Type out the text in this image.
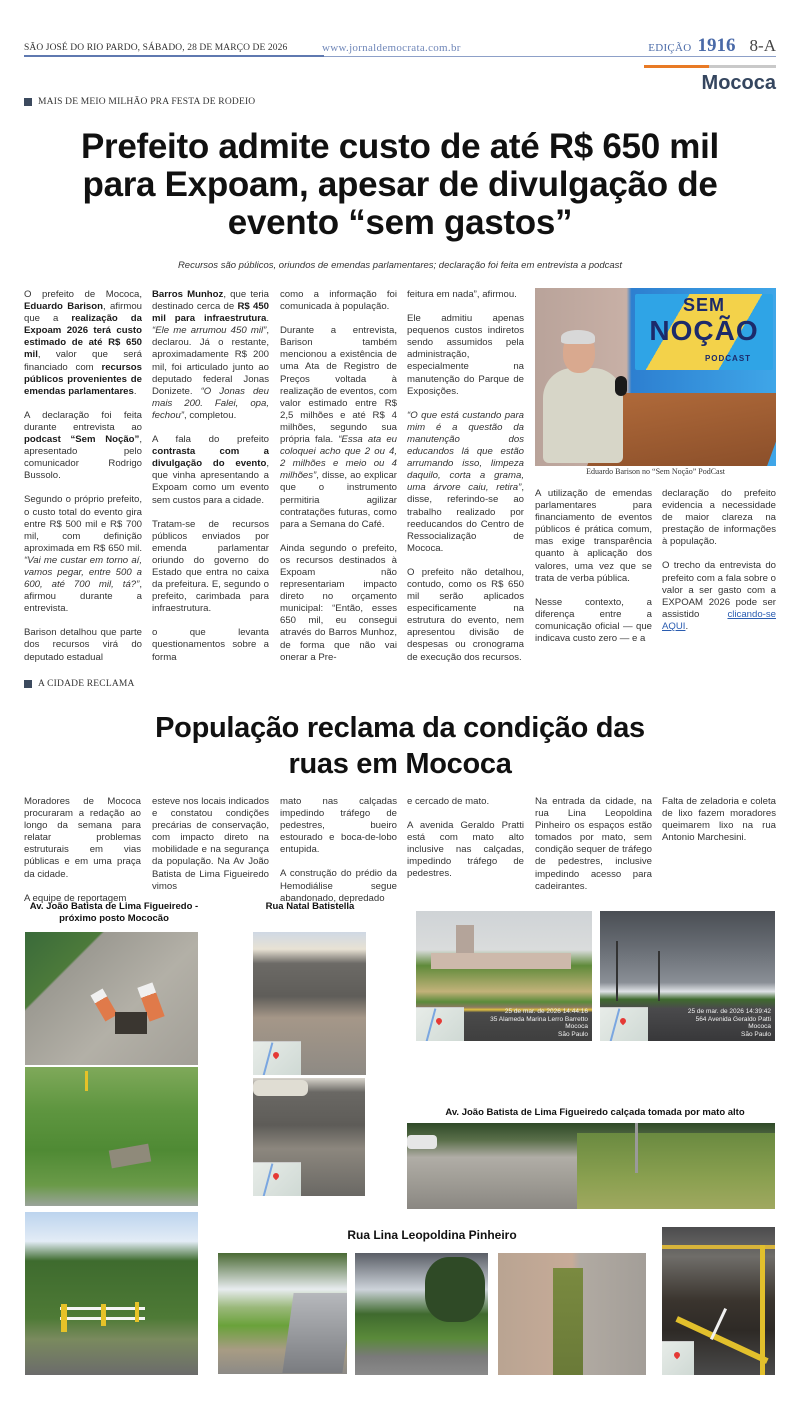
SÃO JOSÉ DO RIO PARDO, SÁBADO, 28 DE MARÇO DE 2026	www.jornaldemocrata.com.br	EDIÇÃO 1916 8-A
Mococa
MAIS DE MEIO MILHÃO PRA FESTA DE RODEIO
Prefeito admite custo de até R$ 650 mil
para Expoam, apesar de divulgação de
evento “sem gastos”
Recursos são públicos, oriundos de emendas parlamentares; declaração foi feita em entrevista a podcast

O prefeito de Mococa, Eduardo Barison, afirmou que a realização da Expoam 2026 terá custo estimado de até R$ 650 mil, valor que será financiado com recursos públicos provenientes de emendas parlamentares.

A declaração foi feita durante entrevista ao podcast “Sem Noção”, apresentado pelo comunicador Rodrigo Bussolo.

Segundo o próprio prefeito, o custo total do evento gira entre R$ 500 mil e R$ 700 mil, com definição aproximada em R$ 650 mil. “Vai me custar em torno aí, vamos pegar, entre 500 a 600, até 700 mil, tá?”, afirmou durante a entrevista.

Barison detalhou que parte dos recursos virá do deputado estadual

Barros Munhoz, que teria destinado cerca de R$ 450 mil para infraestrutura. “Ele me arrumou 450 mil”, declarou. Já o restante, aproximadamente R$ 200 mil, foi articulado junto ao deputado federal Jonas Donizete. “O Jonas deu mais 200. Falei, opa, fechou”, completou.

A fala do prefeito contrasta com a divulgação do evento, que vinha apresentando a Expoam como um evento sem custos para a cidade.

Tratam-se de recursos públicos enviados por emenda parlamentar oriundo do governo do Estado que entra no caixa da prefeitura. E, segundo o prefeito, carimbada para infraestrutura.

o que levanta questionamentos sobre a forma

como a informação foi comunicada à população.

Durante a entrevista, Barison também mencionou a existência de uma Ata de Registro de Preços voltada à realização de eventos, com valor estimado entre R$ 2,5 milhões e até R$ 4 milhões, segundo sua própria fala. “Essa ata eu coloquei acho que 2 ou 4, 2 milhões e meio ou 4 milhões”, disse, ao explicar que o instrumento permitiria agilizar contratações futuras, como para a Semana do Café.

Ainda segundo o prefeito, os recursos destinados à Expoam não representariam impacto direto no orçamento municipal: “Então, esses 650 mil, eu consegui através do Barros Munhoz, de forma que não vai onerar a Pre-

feitura em nada”, afirmou.

Ele admitiu apenas pequenos custos indiretos sendo assumidos pela administração, especialmente na manutenção do Parque de Exposições.

“O que está custando para mim é a questão da manutenção dos educandos lá que estão arrumando isso, limpeza daquilo, corta a grama, uma árvore caiu, retira”, disse, referindo-se ao trabalho realizado por reeducandos do Centro de Ressocialização de Mococa.

O prefeito não detalhou, contudo, como os R$ 650 mil serão aplicados especificamente na estrutura do evento, nem apresentou divisão de despesas ou cronograma de execução dos recursos.

SEM
NOÇÃO
PODCAST
Eduardo Barison no “Sem Noção” PodCast

A utilização de emendas parlamentares para financiamento de eventos públicos é prática comum, mas exige transparência quanto à aplicação dos valores, uma vez que se trata de verba pública.

Nesse contexto, a diferença entre a comunicação oficial — que indicava custo zero — e a

declaração do prefeito evidencia a necessidade de maior clareza na prestação de informações à população.

O trecho da entrevista do prefeito com a fala sobre o valor a ser gasto com a EXPOAM 2026 pode ser assistido clicando-se AQUI.

A CIDADE RECLAMA
População reclama da condição das
ruas em Mococa

Moradores de Mococa procuraram a redação ao longo da semana para relatar problemas estruturais em vias públicas e em uma praça da cidade.

A equipe de reportagem

esteve nos locais indicados e constatou condições precárias de conservação, com impacto direto na mobilidade e na segurança da população. Na Av João Batista de Lima Figueiredo vimos

mato nas calçadas impedindo tráfego de pedestres, bueiro estourado e boca-de-lobo entupida.

A construção do prédio da Hemodiálise segue abandonado, depredado

e cercado de mato.

A avenida Geraldo Pratti está com mato alto inclusive nas calçadas, impedindo tráfego de pedestres.

Na entrada da cidade, na rua Lina Leopoldina Pinheiro os espaços estão tomados por mato, sem condição sequer de tráfego de pedestres, inclusive impedindo acesso para cadeirantes.

Falta de zeladoria e coleta de lixo fazem moradores queimarem lixo na rua Antonio Marchesini.

Av. João Batista de Lima Figueiredo - próximo posto Mococão
Rua Natal Batistella
25 de mar. de 2026 14:44:16
35 Alameda Marina Lerro Barretto
Mococa
São Paulo
25 de mar. de 2026 14:39:42
564 Avenida Geraldo Patti
Mococa
São Paulo
Av. João Batista de Lima Figueiredo calçada tomada por mato alto
Rua Lina Leopoldina Pinheiro
